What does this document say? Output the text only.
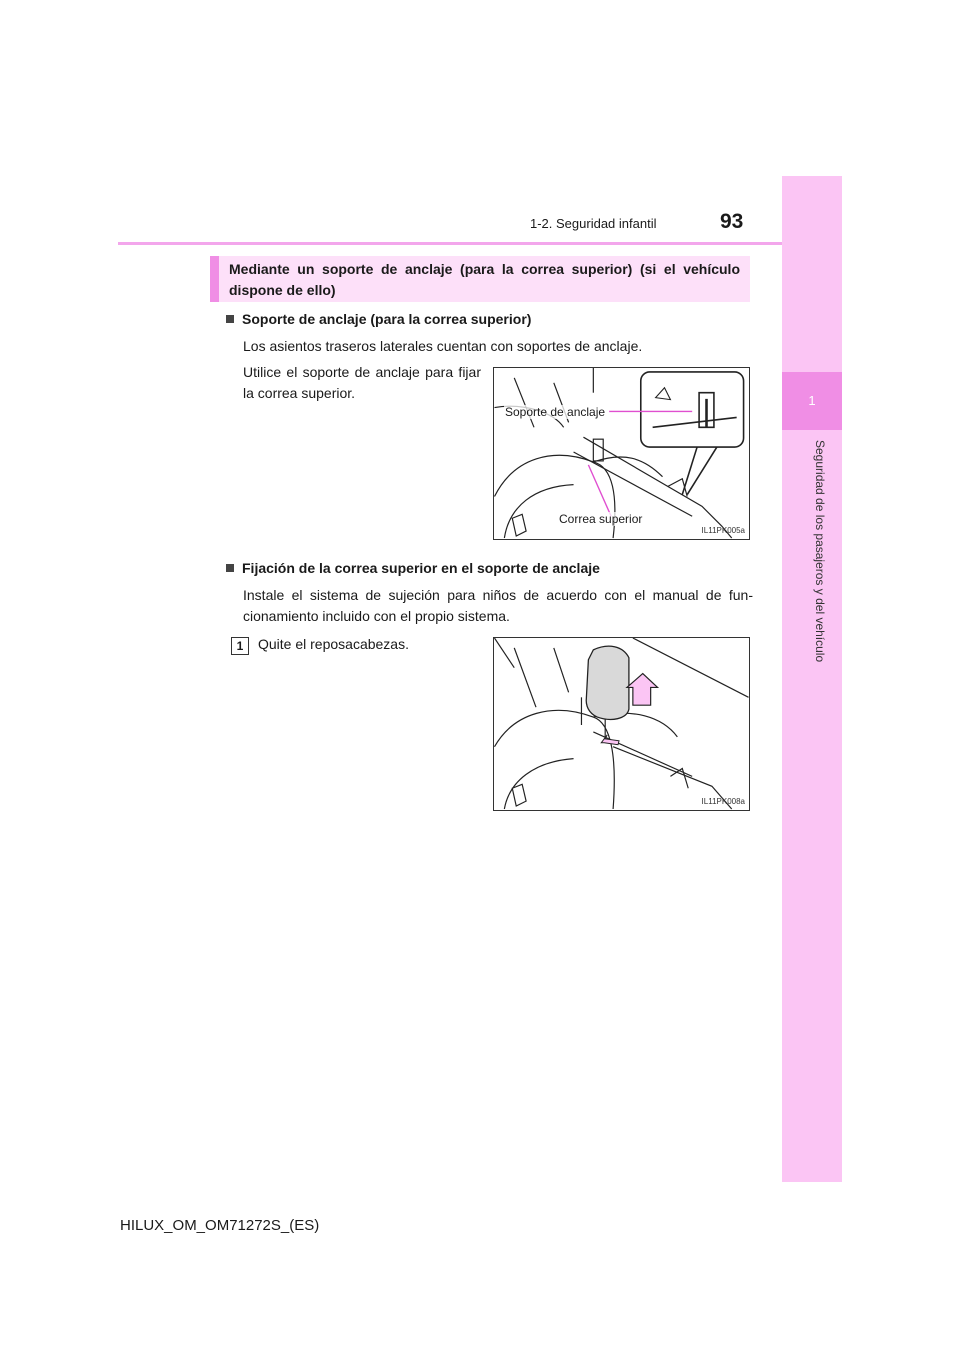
1-2. Seguridad infantil	93
1
Seguridad de los pasajeros y del vehículo
Mediante un soporte de anclaje (para la correa superior) (si el vehículo dispone de ello)
Soporte de anclaje (para la correa superior)
Los asientos traseros laterales cuentan con soportes de anclaje.
Utilice el soporte de anclaje para fijar la correa superior.
Soporte de anclaje
Correa superior
IL11PK005a
Fijación de la correa superior en el soporte de anclaje
Instale el sistema de sujeción para niños de acuerdo con el manual de fun- cionamiento incluido con el propio sistema.
1	Quite el reposacabezas.
IL11PK008a
HILUX_OM_OM71272S_(ES)
